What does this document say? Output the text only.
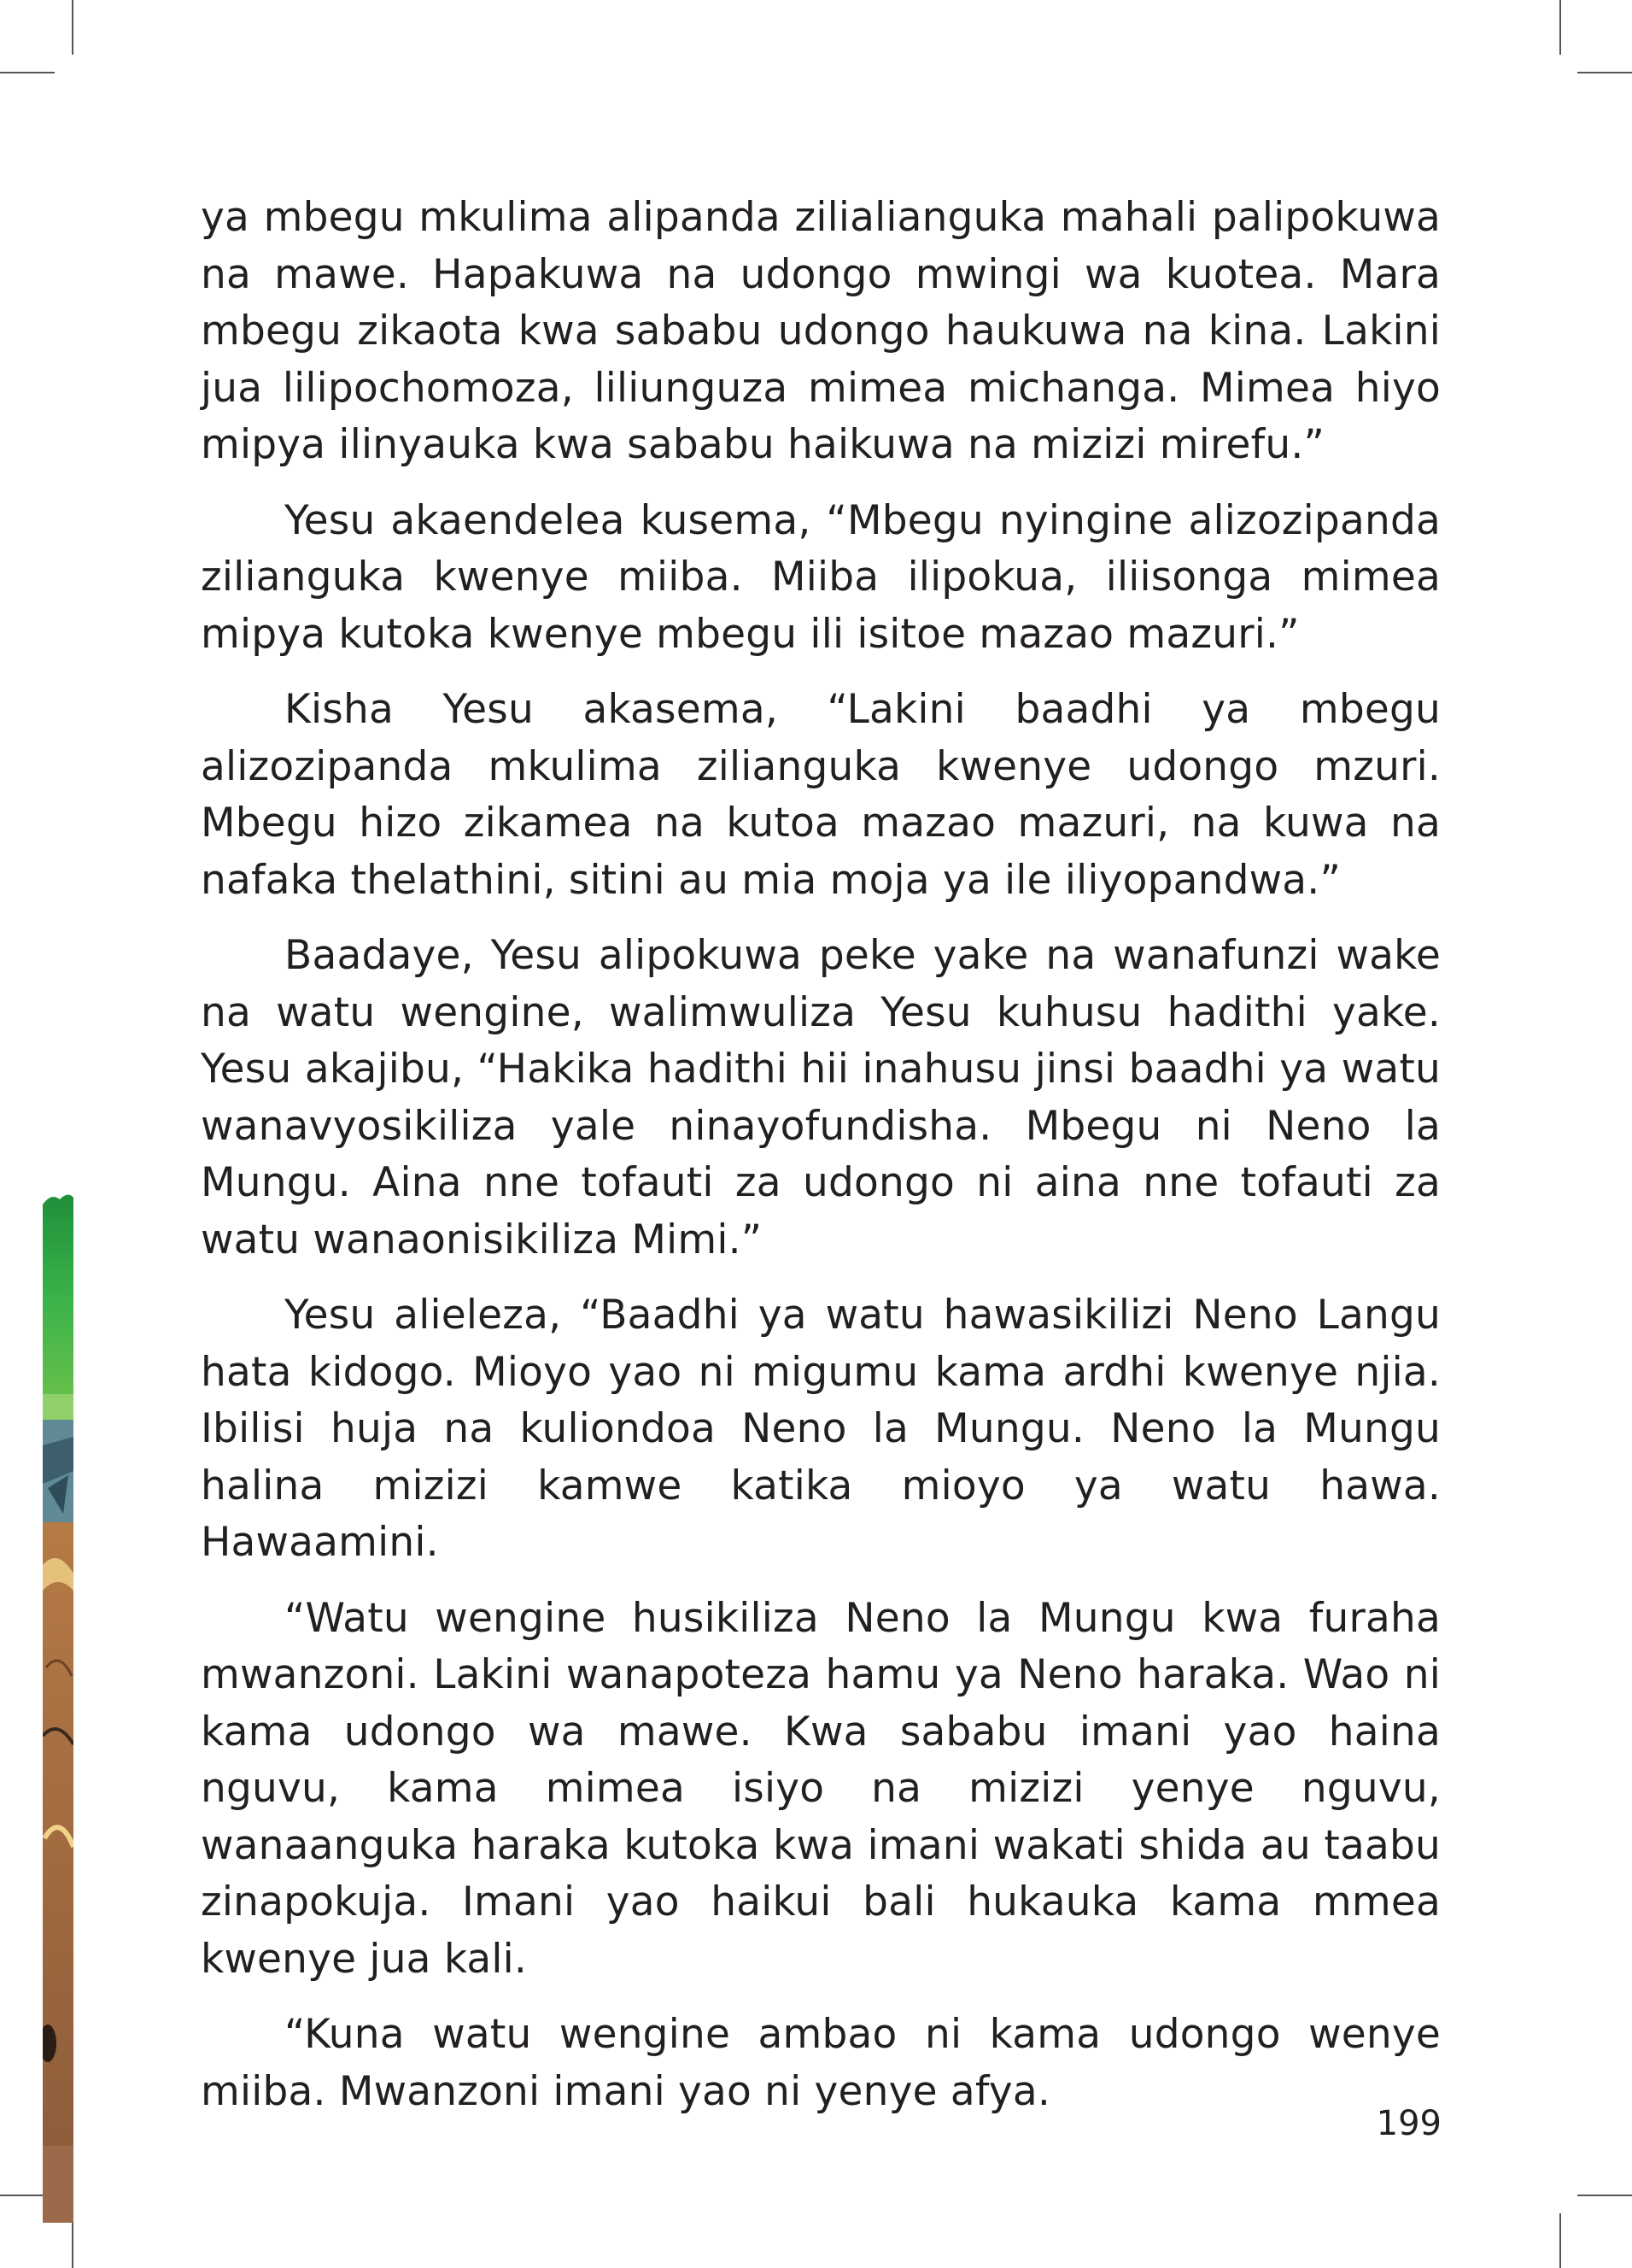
ya mbegu mkulima alipanda zilialianguka mahali palipokuwa na mawe. Hapakuwa na udongo mwingi wa kuotea. Mara mbegu zikaota kwa sababu udongo haukuwa na kina. Lakini jua lilipochomoza, liliunguza mimea michanga. Mimea hiyo mipya ilinyauka kwa sababu haikuwa na mizizi mirefu.”

Yesu akaendelea kusema, “Mbegu nyingine alizozipanda zilianguka kwenye miiba. Miiba ilipokua, iliisonga mimea mipya kutoka kwenye mbegu ili isitoe mazao mazuri.”

Kisha Yesu akasema, “Lakini baadhi ya mbegu alizozipanda mkulima zilianguka kwenye udongo mzuri. Mbegu hizo zikamea na kutoa mazao mazuri, na kuwa na nafaka thelathini, sitini au mia moja ya ile iliyopandwa.”

Baadaye, Yesu alipokuwa peke yake na wanafunzi wake na watu wengine, walimwuliza Yesu kuhusu hadithi yake. Yesu akajibu, “Hakika hadithi hii inahusu jinsi baadhi ya watu wanavyosikiliza yale ninayofundisha. Mbegu ni Neno la Mungu. Aina nne tofauti za udongo ni aina nne tofauti za watu wanaonisikiliza Mimi.”

Yesu alieleza, “Baadhi ya watu hawasikilizi Neno Langu hata kidogo. Mioyo yao ni migumu kama ardhi kwenye njia. Ibilisi huja na kuliondoa Neno la Mungu. Neno la Mungu halina mizizi kamwe katika mioyo ya watu hawa. Hawaamini.

“Watu wengine husikiliza Neno la Mungu kwa furaha mwanzoni. Lakini wanapoteza hamu ya Neno haraka. Wao ni kama udongo wa mawe. Kwa sababu imani yao haina nguvu, kama mimea isiyo na mizizi yenye nguvu, wanaanguka haraka kutoka kwa imani wakati shida au taabu zinapokuja. Imani yao haikui bali hukauka kama mmea kwenye jua kali.

“Kuna watu wengine ambao ni kama udongo wenye miiba. Mwanzoni imani yao ni yenye afya.

199
